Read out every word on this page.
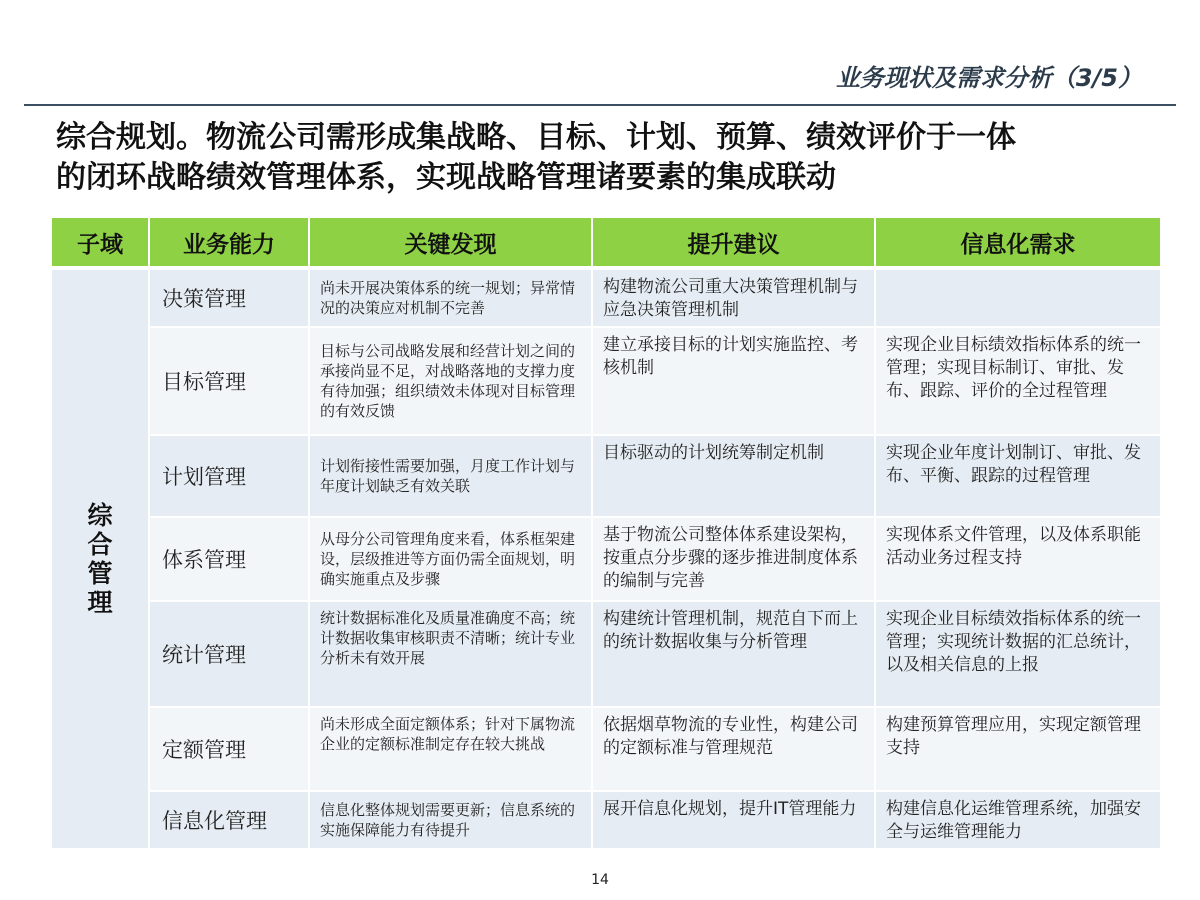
业务现状及需求分析（3/5）
综合规划。物流公司需形成集战略、目标、计划、预算、绩效评价于一体
的闭环战略绩效管理体系，实现战略管理诸要素的集成联动
子域	业务能力	关键发现	提升建议	信息化需求

综合管理	决策管理	尚未开展决策体系的统一规划；异常情况的决策应对机制不完善	构建物流公司重大决策管理机制与应急决策管理机制	
	目标管理	目标与公司战略发展和经营计划之间的承接尚显不足，对战略落地的支撑力度有待加强；组织绩效未体现对目标管理的有效反馈	建立承接目标的计划实施监控、考核机制	实现企业目标绩效指标体系的统一管理；实现目标制订、审批、发布、跟踪、评价的全过程管理
	计划管理	计划衔接性需要加强，月度工作计划与年度计划缺乏有效关联	目标驱动的计划统筹制定机制	实现企业年度计划制订、审批、发布、平衡、跟踪的过程管理
	体系管理	从母分公司管理角度来看，体系框架建设，层级推进等方面仍需全面规划，明确实施重点及步骤	基于物流公司整体体系建设架构，按重点分步骤的逐步推进制度体系的编制与完善	实现体系文件管理，以及体系职能活动业务过程支持
	统计管理	统计数据标准化及质量准确度不高；统计数据收集审核职责不清晰；统计专业分析未有效开展	构建统计管理机制，规范自下而上的统计数据收集与分析管理	实现企业目标绩效指标体系的统一管理；实现统计数据的汇总统计，以及相关信息的上报
	定额管理	尚未形成全面定额体系；针对下属物流企业的定额标准制定存在较大挑战	依据烟草物流的专业性，构建公司的定额标准与管理规范	构建预算管理应用，实现定额管理支持
	信息化管理	信息化整体规划需要更新；信息系统的实施保障能力有待提升	展开信息化规划，提升IT管理能力	构建信息化运维管理系统，加强安全与运维管理能力
14
